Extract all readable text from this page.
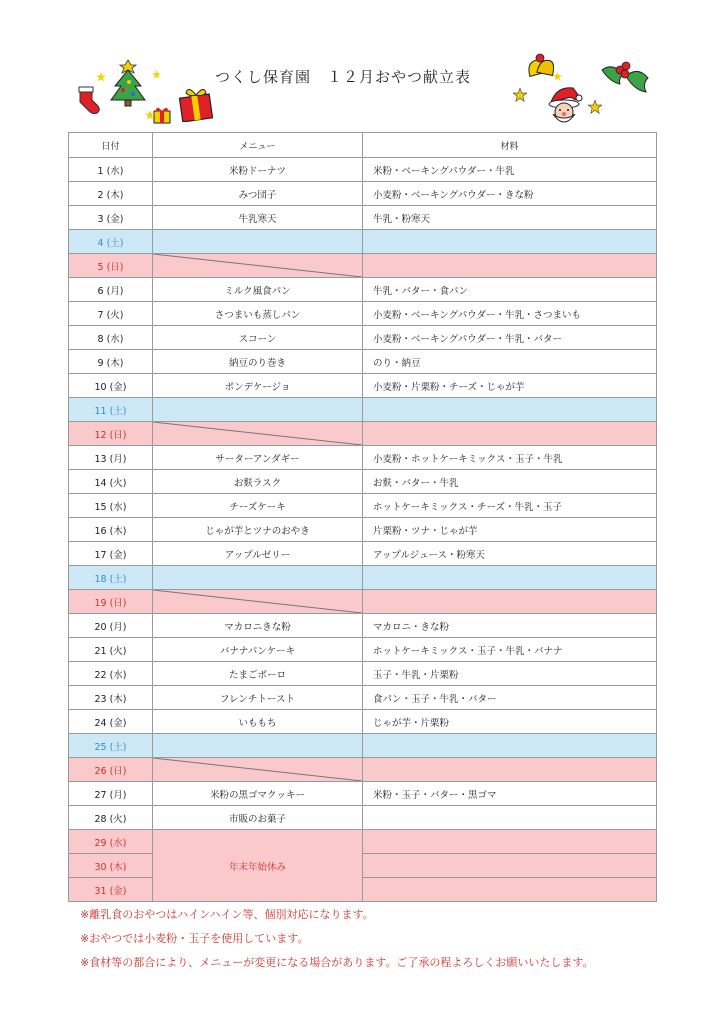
つくし保育園　１２月おやつ献立表
日付	メニュー	材料
1 (水)	米粉ドーナツ	米粉・ベーキングパウダー・牛乳
2 (木)	みつ団子	小麦粉・ベーキングパウダー・きな粉
3 (金)	牛乳寒天	牛乳・粉寒天
4 (土)		
5 (日)	

6 (月)	ミルク風食パン	牛乳・バター・食パン
7 (火)	さつまいも蒸しパン	小麦粉・ベーキングパウダー・牛乳・さつまいも
8 (水)	スコーン	小麦粉・ベーキングパウダー・牛乳・バター
9 (木)	納豆のり巻き	のり・納豆
10 (金)	ポンデケージョ	小麦粉・片栗粉・チーズ・じゃが芋
11 (土)		
12 (日)	

13 (月)	サーターアンダギー	小麦粉・ホットケーキミックス・玉子・牛乳
14 (火)	お麩ラスク	お麩・バター・牛乳
15 (水)	チーズケーキ	ホットケーキミックス・チーズ・牛乳・玉子
16 (木)	じゃが芋とツナのおやき	片栗粉・ツナ・じゃが芋
17 (金)	アップルゼリー	アップルジュース・粉寒天
18 (土)		
19 (日)	

20 (月)	マカロニきな粉	マカロニ・きな粉
21 (火)	バナナパンケーキ	ホットケーキミックス・玉子・牛乳・バナナ
22 (水)	たまごボーロ	玉子・牛乳・片栗粉
23 (木)	フレンチトースト	食パン・玉子・牛乳・バター
24 (金)	いももち	じゃが芋・片栗粉
25 (土)		
26 (日)	

27 (月)	米粉の黒ゴマクッキー	米粉・玉子・バター・黒ゴマ
28 (火)	市販のお菓子	
29 (水)	年末年始休み	
30 (木)		
31 (金)		
※離乳食のおやつはハインハイン等、個別対応になります。
※おやつでは小麦粉・玉子を使用しています。
※食材等の都合により、メニューが変更になる場合があります。ご了承の程よろしくお願いいたします。
